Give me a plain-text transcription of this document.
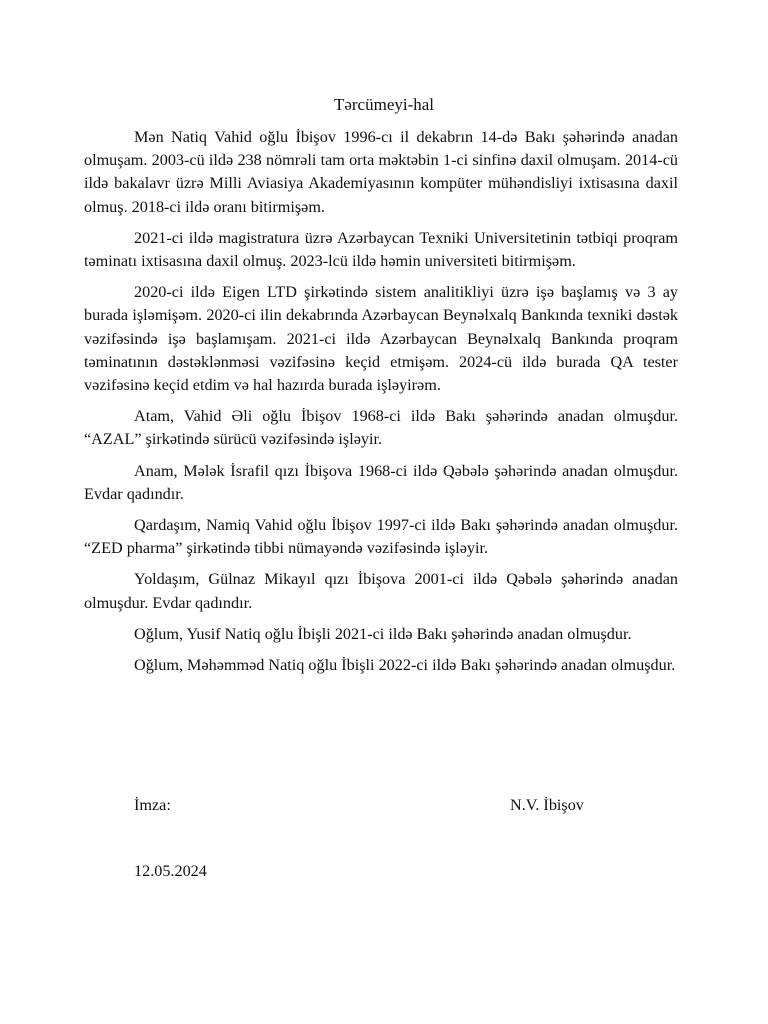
Tərcümeyi-hal

Mən Natiq Vahid oğlu İbişov 1996-cı il dekabrın 14-də Bakı şəhərində anadan olmuşam. 2003-cü ildə 238 nömrəli tam orta məktəbin 1-ci sinfinə daxil olmuşam. 2014-cü ildə bakalavr üzrə Milli Aviasiya Akademiyasının kompüter mühəndisliyi ixtisasına daxil olmuş. 2018-ci ildə oranı bitirmişəm.

2021-ci ildə magistratura üzrə Azərbaycan Texniki Universitetinin tətbiqi proqram təminatı ixtisasına daxil olmuş. 2023-lcü ildə həmin universiteti bitirmişəm.

2020-ci ildə Eigen LTD şirkətində sistem analitikliyi üzrə işə başlamış və 3 ay burada işləmişəm. 2020-ci ilin dekabrında Azərbaycan Beynəlxalq Bankında texniki dəstək vəzifəsində işə başlamışam. 2021-ci ildə Azərbaycan Beynəlxalq Bankında proqram təminatının dəstəklənməsi vəzifəsinə keçid etmişəm. 2024-cü ildə burada QA tester vəzifəsinə keçid etdim və hal hazırda burada işləyirəm.

Atam, Vahid Əli oğlu İbişov 1968-ci ildə Bakı şəhərində anadan olmuşdur. “AZAL” şirkətində sürücü vəzifəsində işləyir.

Anam, Mələk İsrafil qızı İbişova 1968-ci ildə Qəbələ şəhərində anadan olmuşdur. Evdar qadındır.

Qardaşım, Namiq Vahid oğlu İbişov 1997-ci ildə Bakı şəhərində anadan olmuşdur. “ZED pharma” şirkətində tibbi nümayəndə vəzifəsində işləyir.

Yoldaşım, Gülnaz Mikayıl qızı İbişova 2001-ci ildə Qəbələ şəhərində anadan olmuşdur. Evdar qadındır.

Oğlum, Yusif Natiq oğlu İbişli 2021-ci ildə Bakı şəhərində anadan olmuşdur.

Oğlum, Məhəmməd Natiq oğlu İbişli 2022-ci ildə Bakı şəhərində anadan olmuşdur.

İmza:	N.V. İbişov
12.05.2024
